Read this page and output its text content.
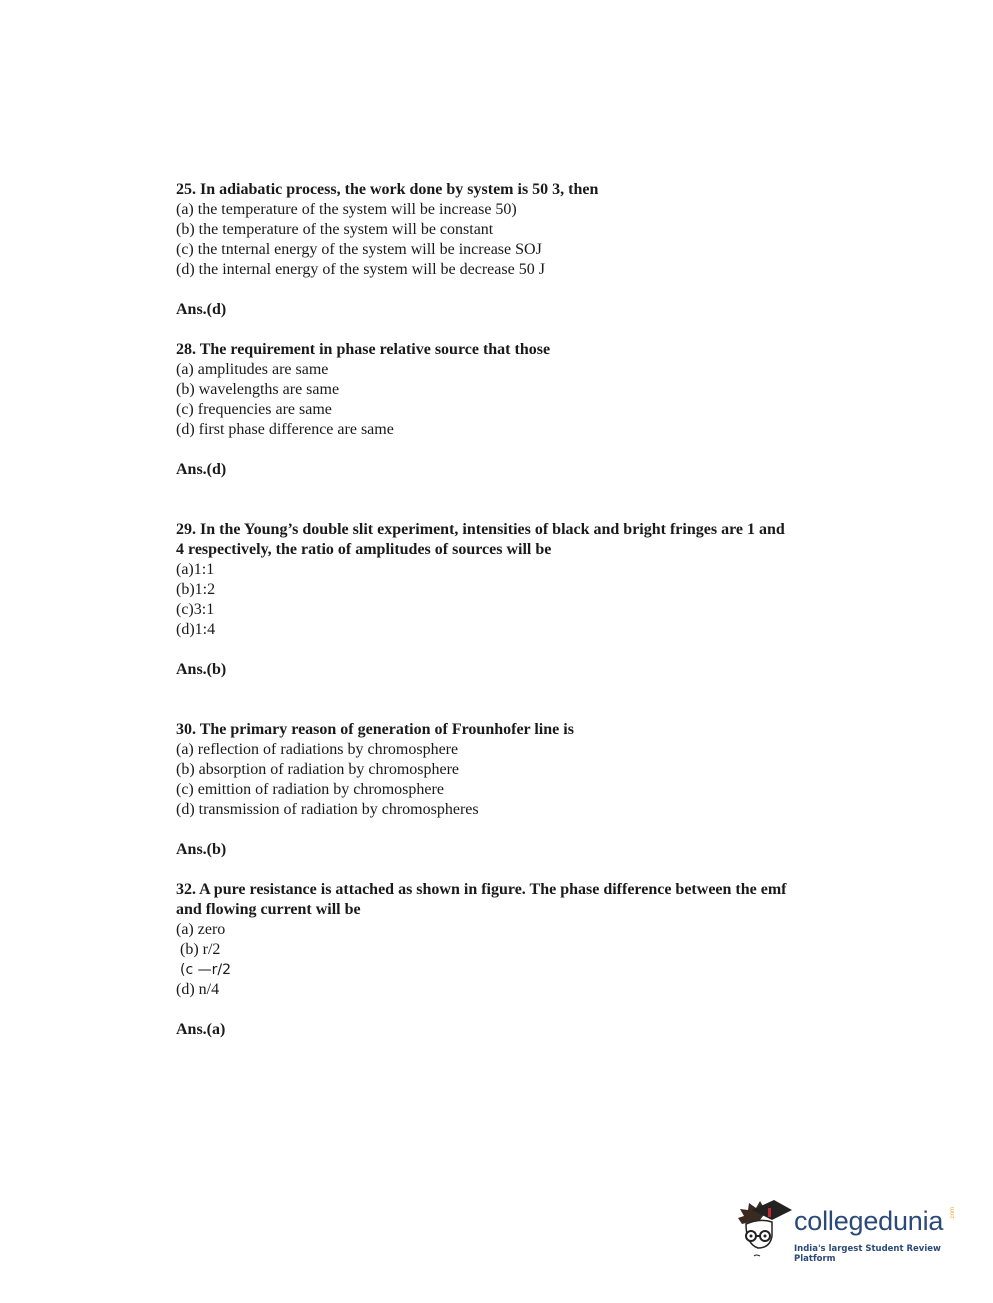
25. In adiabatic process, the work done by system is 50 3, then

(a) the temperature of the system will be increase 50)

(b) the temperature of the system will be constant

(c) the tnternal energy of the system will be increase SOJ

(d) the internal energy of the system will be decrease 50 J

Ans.(d)

28. The requirement in phase relative source that those

(a) amplitudes are same

(b) wavelengths are same

(c) frequencies are same

(d) first phase difference are same

Ans.(d)

29. In the Young’s double slit experiment, intensities of black and bright fringes are 1 and

4 respectively, the ratio of amplitudes of sources will be

(a)1:1

(b)1:2

(c)3:1

(d)1:4

Ans.(b)

30. The primary reason of generation of Frounhofer line is

(a) reflection of radiations by chromosphere

(b) absorption of radiation by chromosphere

(c) emittion of radiation by chromosphere

(d) transmission of radiation by chromospheres

Ans.(b)

32. A pure resistance is attached as shown in figure. The phase difference between the emf

and flowing current will be

(a) zero

(b) r/2

(c —r/2

(d) n/4

Ans.(a)

collegedunia .com
India's largest Student Review Platform
